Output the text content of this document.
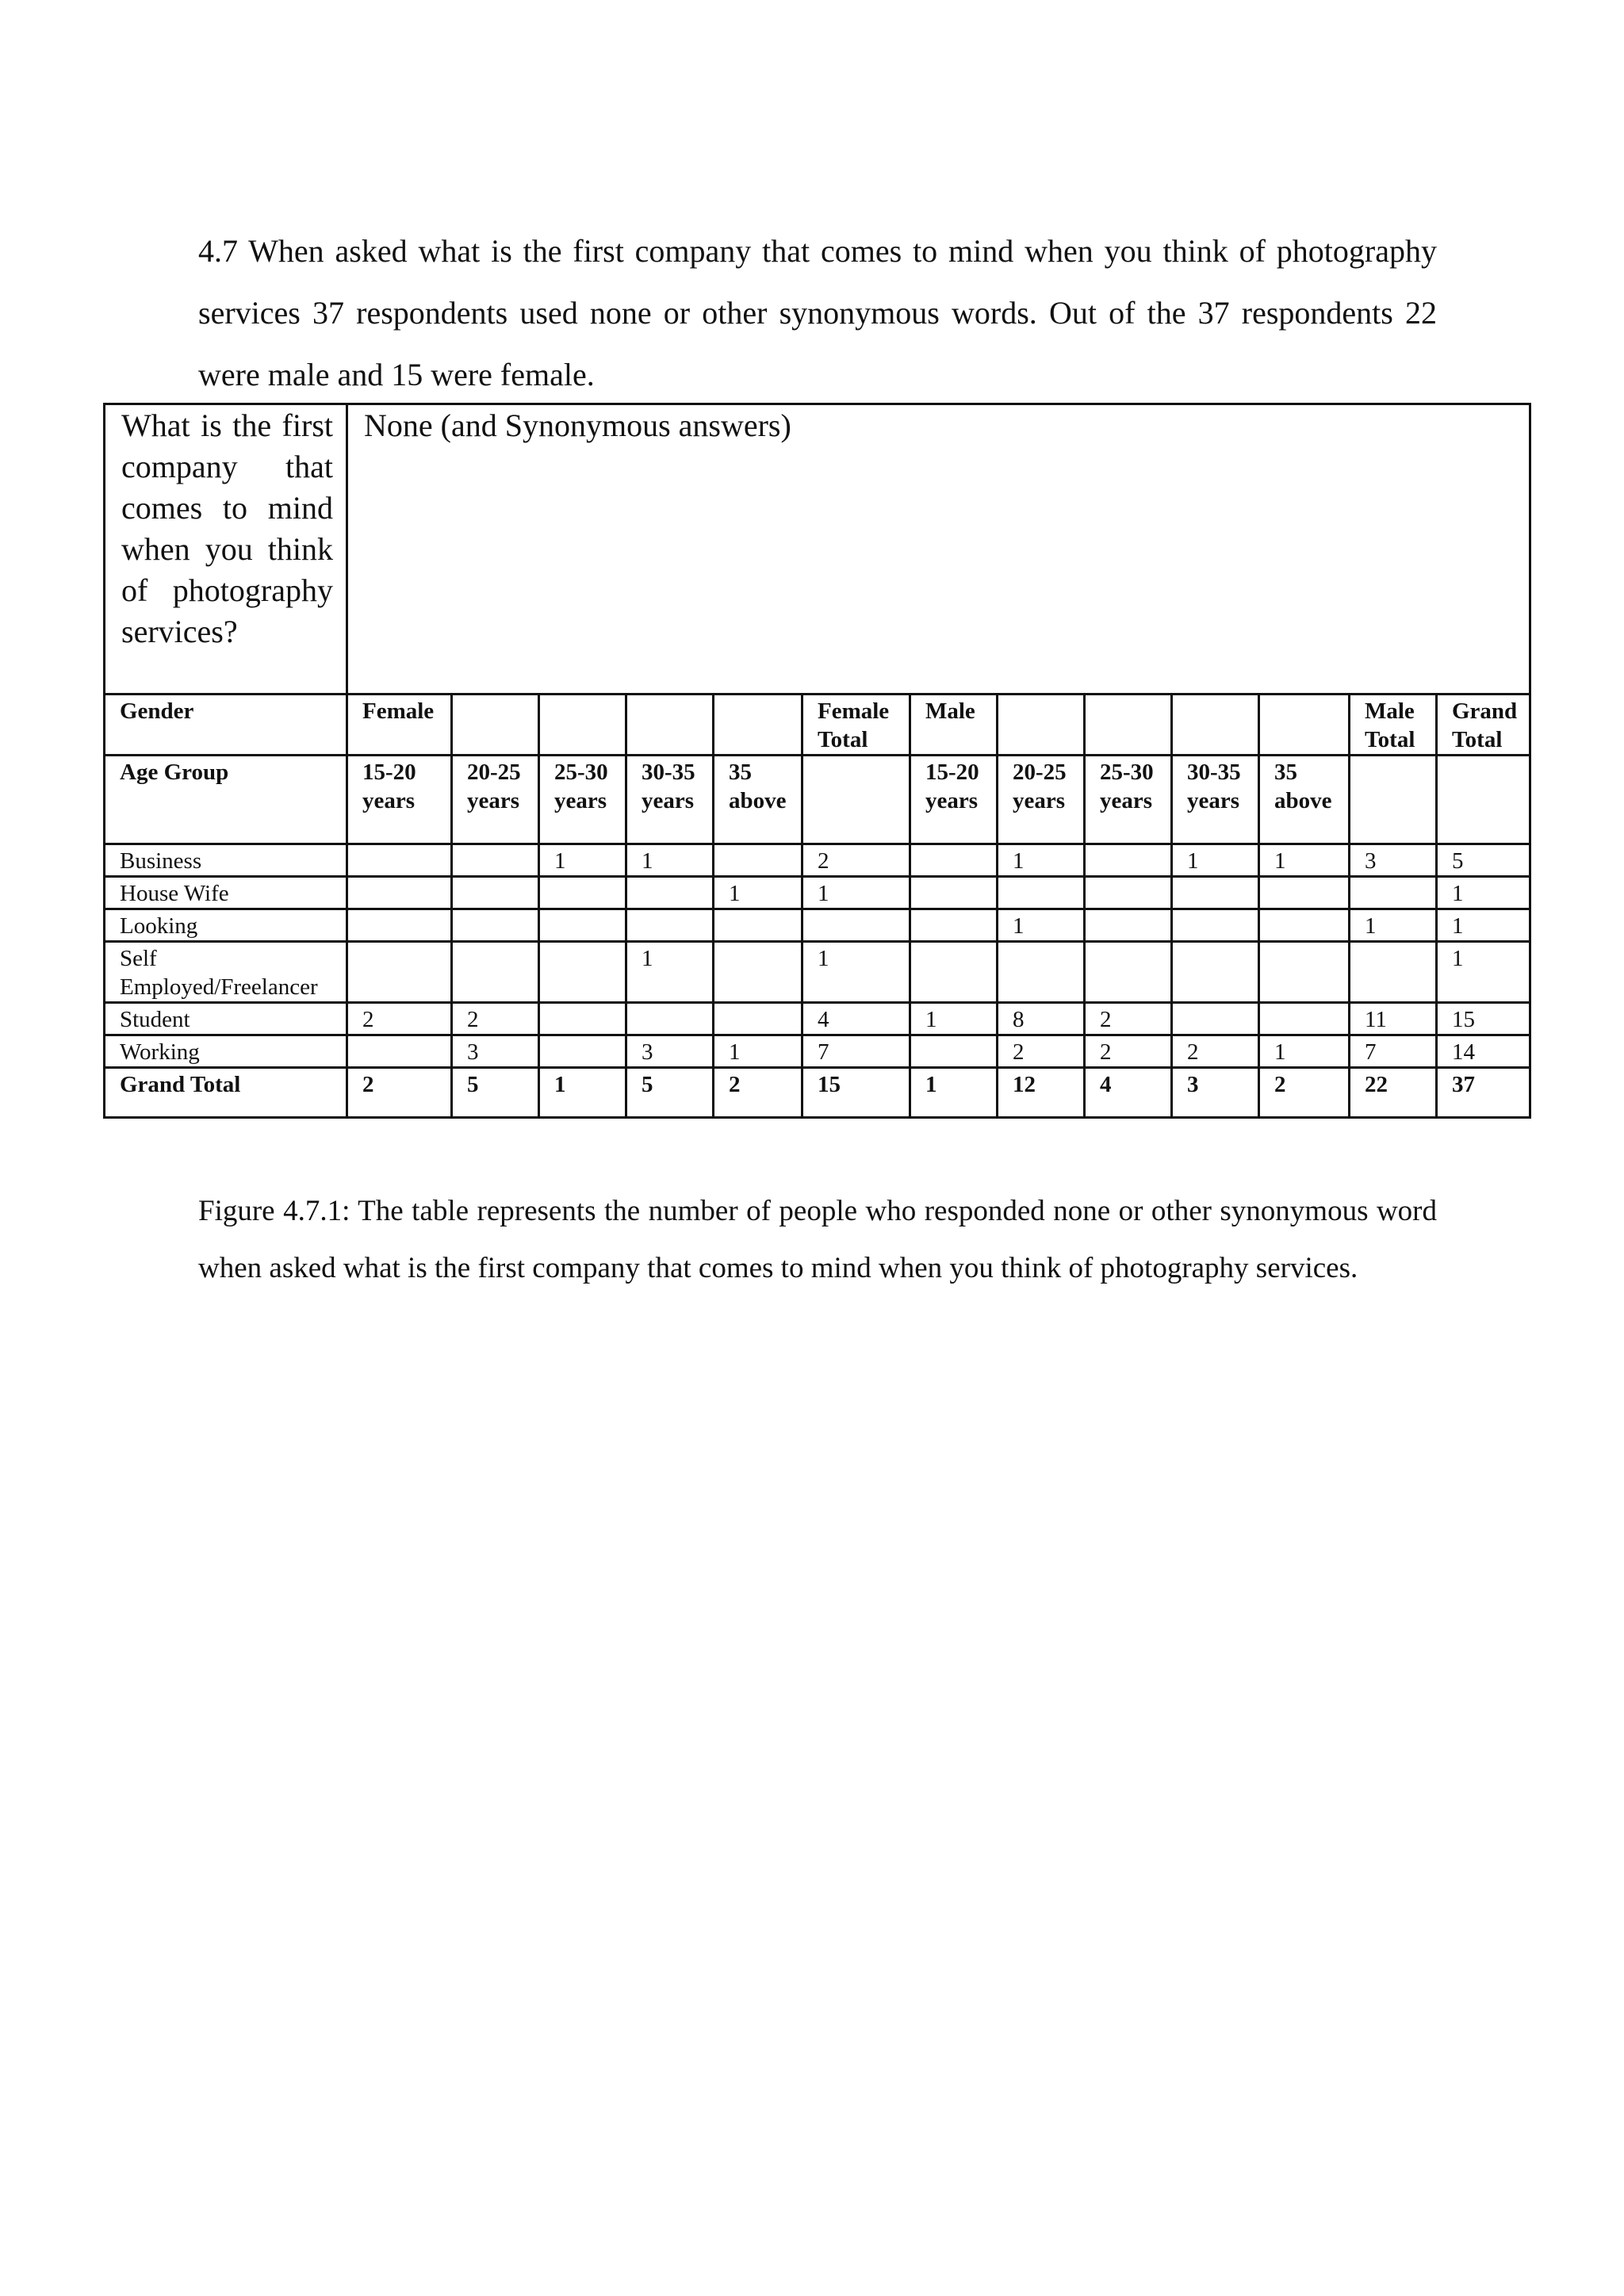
4.7 When asked what is the first company that comes to mind when you think of photography services 37 respondents used none or other synonymous words. Out of the 37 respondents 22 were male and 15 were female.

What is the first company that comes to mind when you think of photography services?	None (and Synonymous answers)												
Gender	Female					Female Total	Male					Male Total	Grand Total
Age Group	15-20 years	20-25 years	25-30 years	30-35 years	35 above		15-20 years	20-25 years	25-30 years	30-35 years	35 above		
Business			1	1		2		1		1	1	3	5
House Wife					1	1							1
Looking								1				1	1
Self Employed/Freelancer				1		1							1
Student	2	2				4	1	8	2			11	15
Working		3		3	1	7		2	2	2	1	7	14
Grand Total	2	5	1	5	2	15	1	12	4	3	2	22	37

Figure 4.7.1: The table represents the number of people who responded none or other synonymous word when asked what is the first company that comes to mind when you think of photography services.
